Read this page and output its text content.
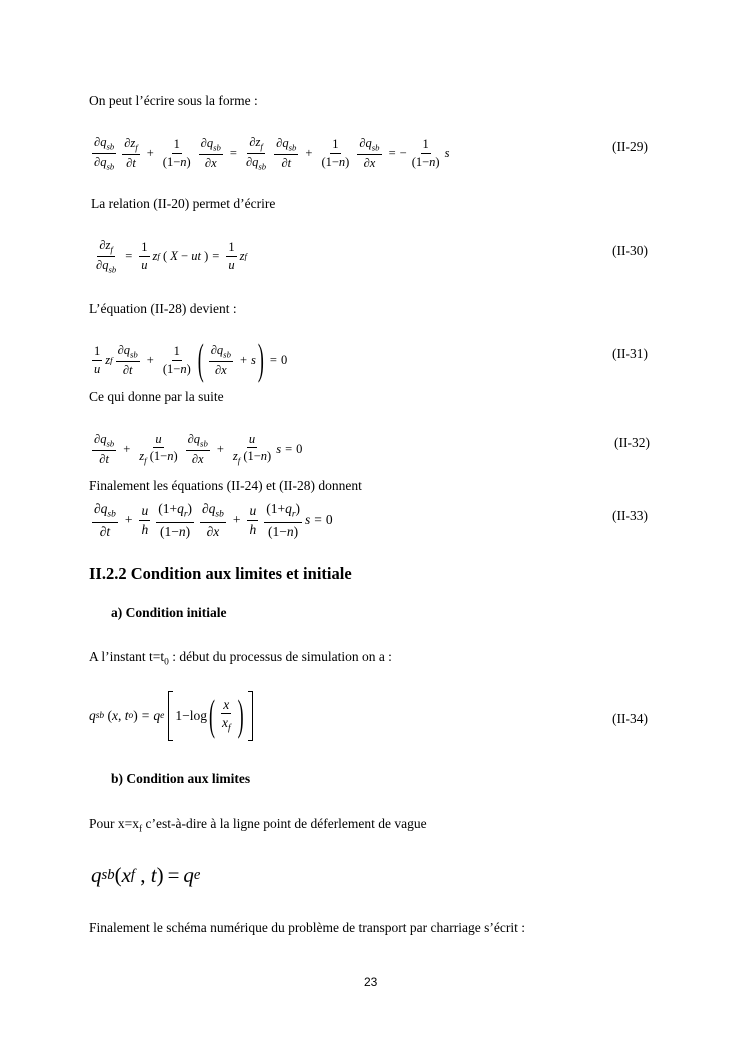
On peut l’écrire sous la forme :
$\partial q_{sb}$
$\partial q_{sb}$
$\partial z_f$
∂t
+ $\frac{1}{(1-n)} \partial q_{sb}$
∂x
=
$\partial z_f$
$\partial q_{sb}$
$\partial q_{sb}$
∂t
+ $\frac{1}{(1-n)} \partial q_{sb}$
∂x
= − $\frac{1}{(1-n)}$ s	(II-29)
La relation (II-20) permet d’écrire
$\partial z_f$
$\partial q_{sb}$
= $\frac{1}{u}$ z f ( X − ut ) = $\frac{1}{u}$ z f	(II-30)
L’équation (II-28) devient :
1
u
z f
$\partial q_{sb}$
∂t
+ $\frac{1}{(1-n)}$ ( $\partial q_{sb}$
∂x
+ s ) = 0	(II-31)
Ce qui donne par la suite
$\partial q_{sb}$
∂t
+ $\frac{u}{z_f (1-n)} \partial q_{sb}$
∂x
+ $\frac{u}{z_f (1-n)}$ s = 0	(II-32)
Finalement les équations (II-24) et (II-28) donnent
$\partial q_{sb}$
∂t
+ $\frac{u}{h} (1+q_r)$
(1−n)
$\partial q_{sb}$
∂x
+ $\frac{u}{h} (1+q_r)$
(1−n)
s = 0	(II-33)
II.2.2 Condition aux limites et initiale
a) Condition initiale
A l’instant $t=t_0$ : début du processus de simulation on a :
q sb ( x , t o ) = q e 1−log ( x
$x_f$ )	(II-34)
b) Condition aux limites
Pour $x=x_f$ c’est-à-dire à la ligne point de déferlement de vague
q sb ( x f , t ) = q e
Finalement le schéma numérique du problème de transport par charriage s’écrit :
23
